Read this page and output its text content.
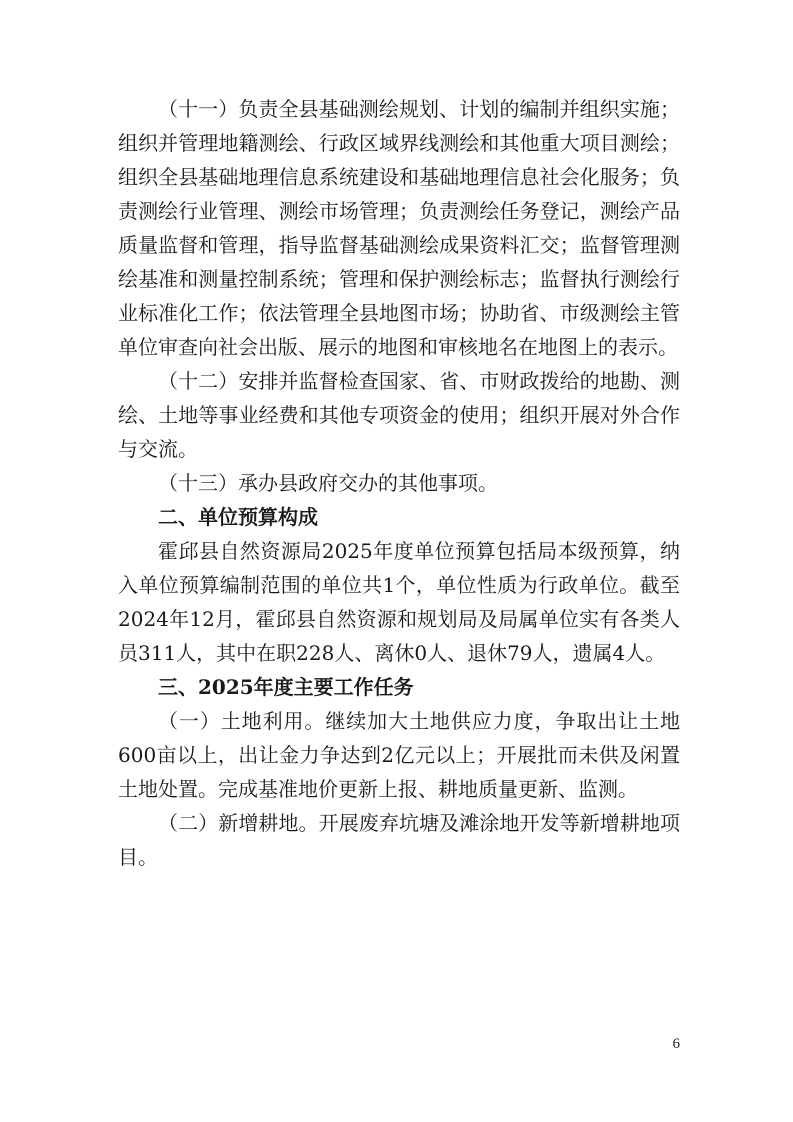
（十一）负责全县基础测绘规划、计划的编制并组织实施；组织并管理地籍测绘、行政区域界线测绘和其他重大项目测绘；组织全县基础地理信息系统建设和基础地理信息社会化服务；负责测绘行业管理、测绘市场管理；负责测绘任务登记，测绘产品质量监督和管理，指导监督基础测绘成果资料汇交；监督管理测绘基准和测量控制系统；管理和保护测绘标志；监督执行测绘行业标准化工作；依法管理全县地图市场；协助省、市级测绘主管单位审查向社会出版、展示的地图和审核地名在地图上的表示。

（十二）安排并监督检查国家、省、市财政拨给的地勘、测绘、土地等事业经费和其他专项资金的使用；组织开展对外合作与交流。

（十三）承办县政府交办的其他事项。

二、单位预算构成

霍邱县自然资源局2025年度单位预算包括局本级预算，纳入单位预算编制范围的单位共1个，单位性质为行政单位。截至2024年12月，霍邱县自然资源和规划局及局属单位实有各类人员311人，其中在职228人、离休0人、退休79人，遗属4人。

三、2025年度主要工作任务

（一）土地利用。继续加大土地供应力度，争取出让土地600亩以上，出让金力争达到2亿元以上；开展批而未供及闲置土地处置。完成基准地价更新上报、耕地质量更新、监测。

（二）新增耕地。开展废弃坑塘及滩涂地开发等新增耕地项目。

6
